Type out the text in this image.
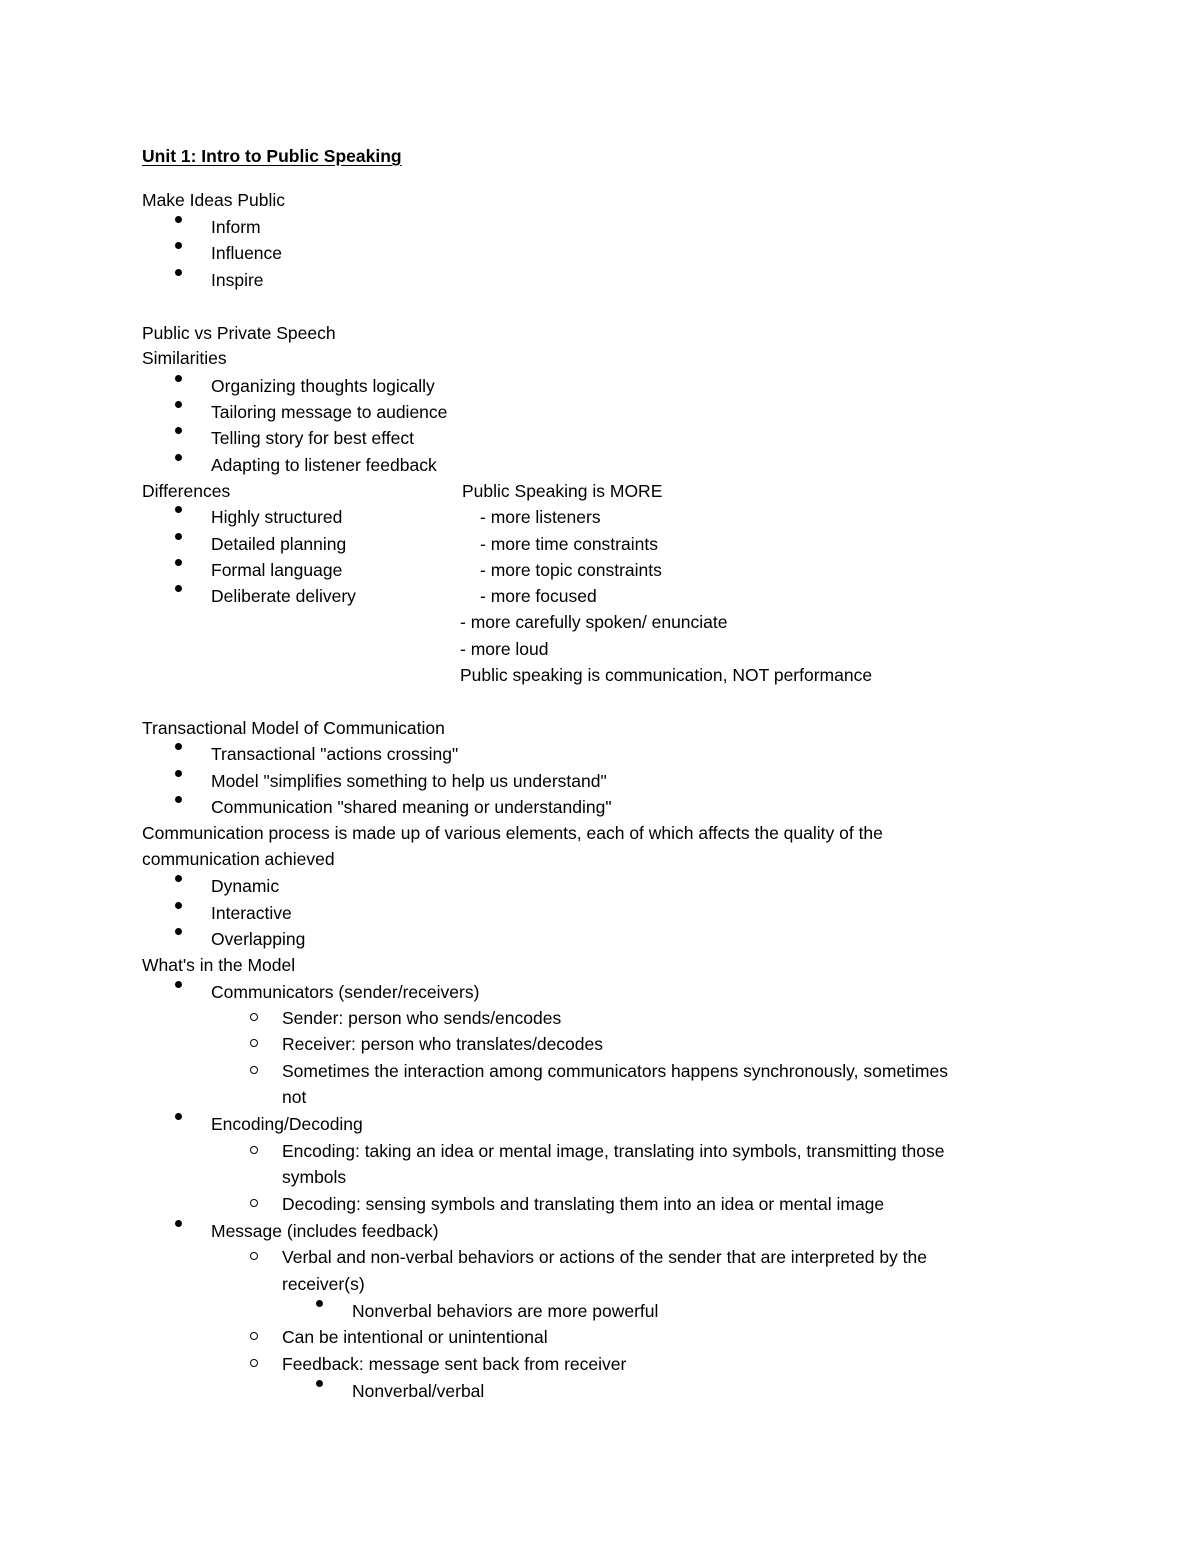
Unit 1: Intro to Public Speaking
Make Ideas Public
Inform
Influence
Inspire
Public vs Private Speech
Similarities
Organizing thoughts logically
Tailoring message to audience
Telling story for best effect
Adapting to listener feedback
Differences	Public Speaking is MORE
Highly structured	- more listeners
Detailed planning	- more time constraints
Formal language	- more topic constraints
Deliberate delivery	- more focused
- more carefully spoken/ enunciate
- more loud
Public speaking is communication, NOT performance
Transactional Model of Communication
Transactional "actions crossing"
Model "simplifies something to help us understand"
Communication "shared meaning or understanding"
Communication process is made up of various elements, each of which affects the quality of the
communication achieved
Dynamic
Interactive
Overlapping
What's in the Model
Communicators (sender/receivers)
Sender: person who sends/encodes
Receiver: person who translates/decodes
Sometimes the interaction among communicators happens synchronously, sometimes
not
Encoding/Decoding
Encoding: taking an idea or mental image, translating into symbols, transmitting those
symbols
Decoding: sensing symbols and translating them into an idea or mental image
Message (includes feedback)
Verbal and non-verbal behaviors or actions of the sender that are interpreted by the
receiver(s)
Nonverbal behaviors are more powerful
Can be intentional or unintentional
Feedback: message sent back from receiver
Nonverbal/verbal
